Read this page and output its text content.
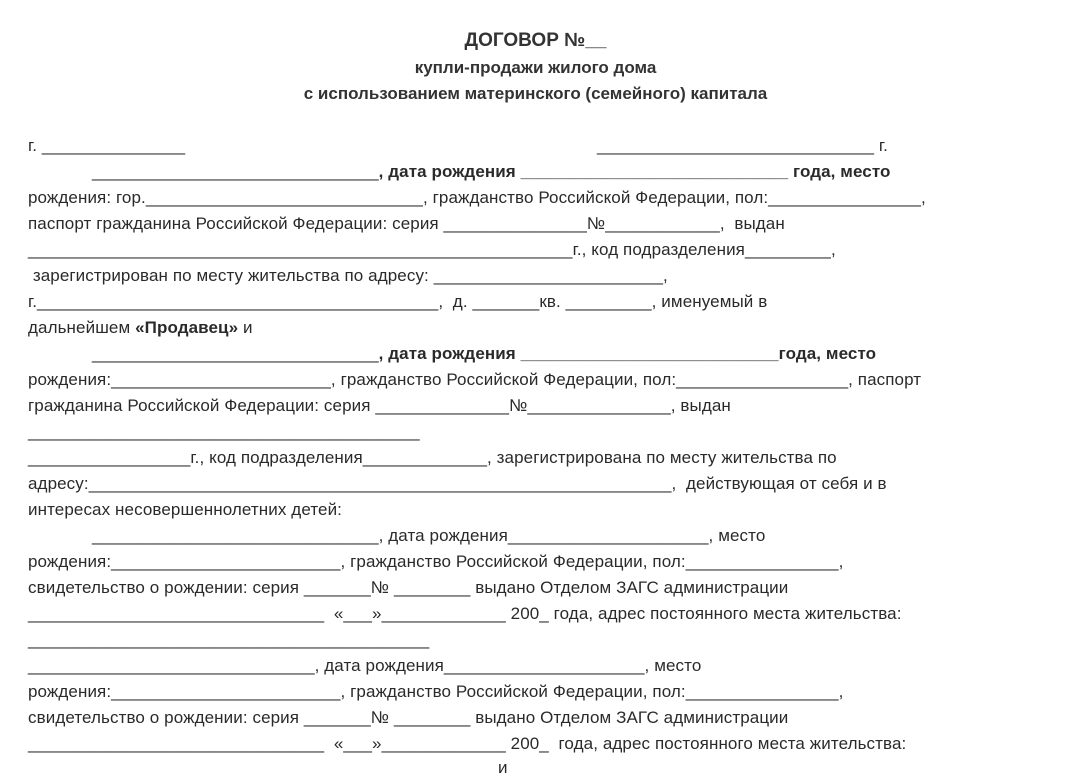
ДОГОВОР №__
купли-продажи жилого дома
с использованием материнского (семейного) капитала
г. _______________	_____________________________ г.
______________________________, дата рождения ____________________________ года, место
рождения: гор._____________________________, гражданство Российской Федерации, пол:________________,
паспорт гражданина Российской Федерации: серия _______________№____________,  выдан
_________________________________________________________г., код подразделения_________,
зарегистрирован по месту жительства по адресу: ________________________,
г.__________________________________________,  д. _______кв. _________, именуемый в
дальнейшем «Продавец» и
______________________________, дата рождения ___________________________года, место
рождения:_______________________, гражданство Российской Федерации, пол:__________________, паспорт
гражданина Российской Федерации: серия ______________№_______________, выдан
_________________________________________
_________________г., код подразделения_____________, зарегистрирована по месту жительства по
адресу:_____________________________________________________________,  действующая от себя и в
интересах несовершеннолетних детей:
______________________________, дата рождения_____________________, место
рождения:________________________, гражданство Российской Федерации, пол:________________,
свидетельство о рождении: серия _______№ ________ выдано Отделом ЗАГС администрации
_______________________________  «___»_____________ 200_ года, адрес постоянного места жительства:
__________________________________________
______________________________, дата рождения_____________________, место
рождения:________________________, гражданство Российской Федерации, пол:________________,
свидетельство о рождении: серия _______№ ________ выдано Отделом ЗАГС администрации
_______________________________  «___»_____________ 200_  года, адрес постоянного места жительства:
и
